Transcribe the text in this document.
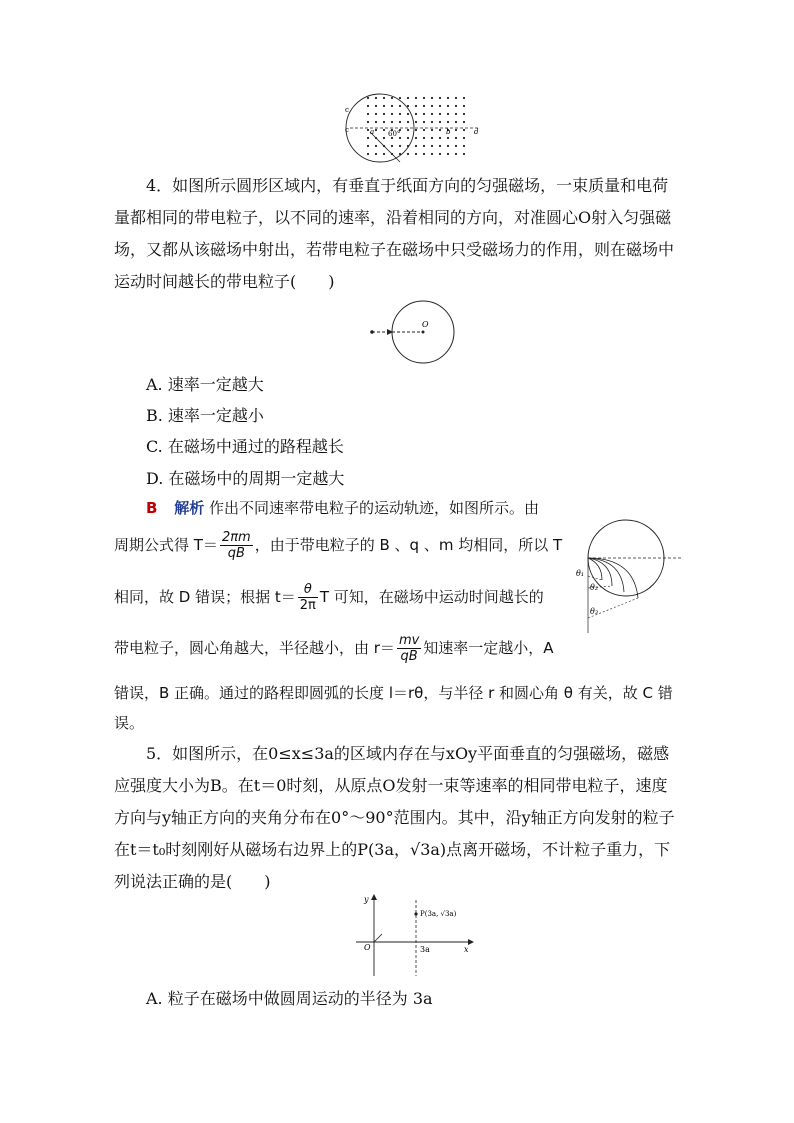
c
c	a 60°	b	d
4．如图所示圆形区域内，有垂直于纸面方向的匀强磁场，一束质量和电荷量都相同的带电粒子，以不同的速率，沿着相同的方向，对准圆心O射入匀强磁场，又都从该磁场中射出，若带电粒子在磁场中只受磁场力的作用，则在磁场中运动时间越长的带电粒子(　　)
O
A. 速率一定越大
B. 速率一定越小
C. 在磁场中通过的路程越长
D. 在磁场中的周期一定越大
B 解析 作出不同速率带电粒子的运动轨迹，如图所示。由
周期公式得 $T= \frac{2\pi m}{qB}$ ，由于带电粒子的 B 、q 、m 均相同，所以 T
相同，故 D 错误；根据 $t= \frac{\theta}{2\pi}$ T 可知，在磁场中运动时间越长的
带电粒子，圆心角越大，半径越小，由 $r= \frac{mv}{qB}$ 知速率一定越小，A
错误，B 正确。通过的路程即圆弧的长度 l＝rθ，与半径 r 和圆心角 θ 有关，故 C 错
误。
θ₁
θ₂
θ₃
5．如图所示，在0≤x≤3a的区域内存在与xOy平面垂直的匀强磁场，磁感应强度大小为B。在t＝0时刻，从原点O发射一束等速率的相同带电粒子，速度方向与y轴正方向的夹角分布在0°～90°范围内。其中，沿y轴正方向发射的粒子在t＝t₀时刻刚好从磁场右边界上的P(3a，√3a)点离开磁场，不计粒子重力，下列说法正确的是(　　)
y
x
O
P(3a, √3a)
3a
A. 粒子在磁场中做圆周运动的半径为 3a
